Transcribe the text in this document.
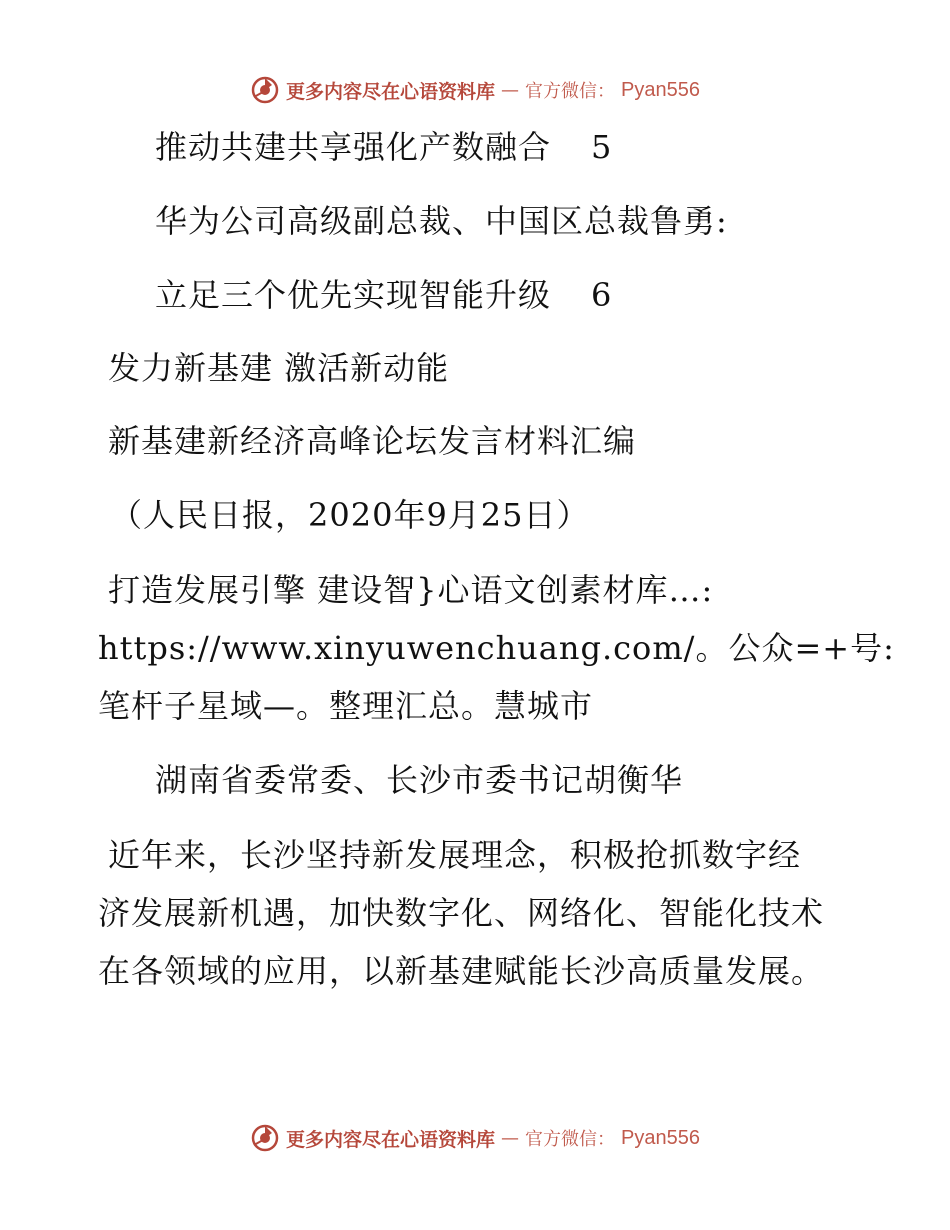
更多内容尽在心语资料库 — 官方微信： Pyan556
推动共建共享强化产数融合 5
华为公司高级副总裁、中国区总裁鲁勇:
立足三个优先实现智能升级 6
发力新基建 激活新动能
新基建新经济高峰论坛发言材料汇编
（人民日报，2020年9月25日）
打造发展引擎 建设智}心语文创素材库…:
https://www.xinyuwenchuang.com/。公众=+号:
笔杆子星域—。整理汇总。慧城市
湖南省委常委、长沙市委书记胡衡华
近年来，长沙坚持新发展理念，积极抢抓数字经
济发展新机遇，加快数字化、网络化、智能化技术
在各领域的应用，以新基建赋能长沙高质量发展。
更多内容尽在心语资料库 — 官方微信： Pyan556
